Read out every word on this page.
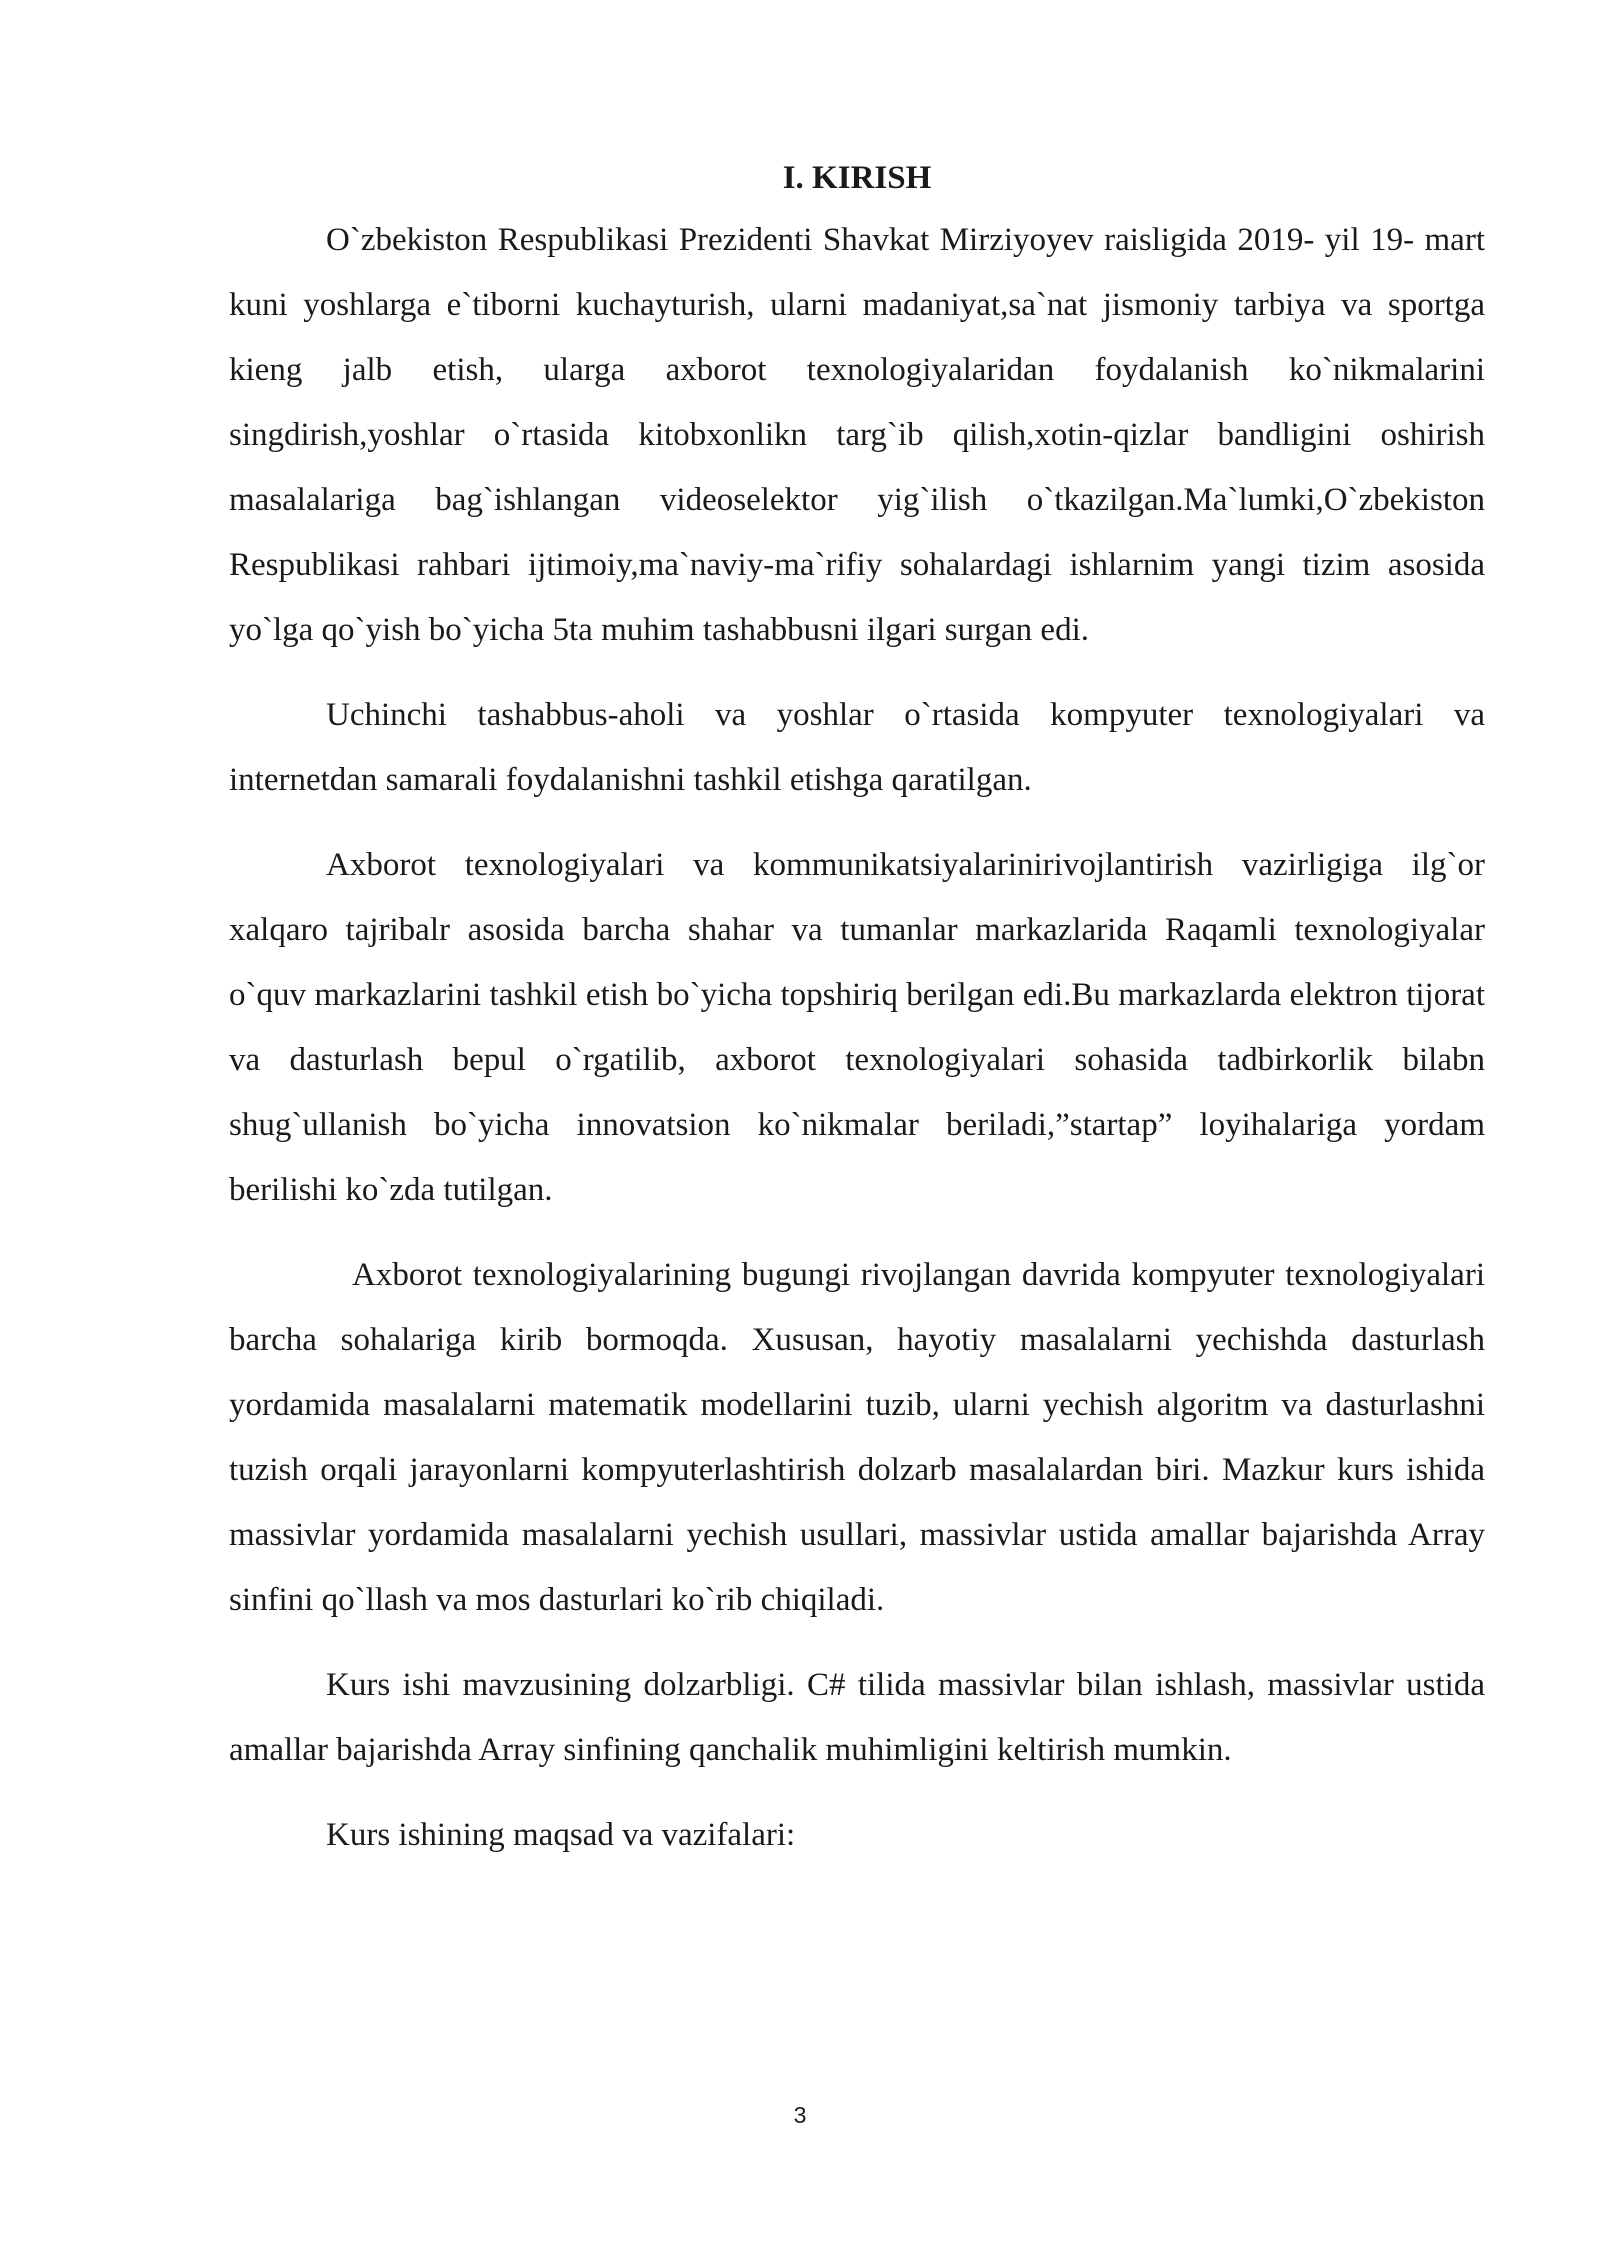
I. KIRISH

O`zbekiston Respublikasi Prezidenti Shavkat Mirziyoyev raisligida 2019- yil 19- mart kuni yoshlarga e`tiborni kuchayturish, ularni madaniyat,sa`nat jismoniy tarbiya va sportga kieng jalb etish, ularga axborot texnologiyalaridan foydalanish ko`nikmalarini singdirish,yoshlar o`rtasida kitobxonlikn targ`ib qilish,xotin-qizlar bandligini oshirish masalalariga bag`ishlangan videoselektor yig`ilish o`tkazilgan.Ma`lumki,O`zbekiston Respublikasi rahbari ijtimoiy,ma`naviy-ma`rifiy sohalardagi ishlarnim yangi tizim asosida yo`lga qo`yish bo`yicha 5ta muhim tashabbusni ilgari surgan edi.

Uchinchi tashabbus-aholi va yoshlar o`rtasida kompyuter texnologiyalari va internetdan samarali foydalanishni tashkil etishga qaratilgan.

Axborot texnologiyalari va kommunikatsiyalarinirivojlantirish vazirligiga ilg`or xalqaro tajribalr asosida barcha shahar va tumanlar markazlarida Raqamli texnologiyalar o`quv markazlarini tashkil etish bo`yicha topshiriq berilgan edi.Bu markazlarda elektron tijorat va dasturlash bepul o`rgatilib, axborot texnologiyalari sohasida tadbirkorlik bilabn shug`ullanish bo`yicha innovatsion ko`nikmalar beriladi,”startap” loyihalariga yordam berilishi ko`zda tutilgan.

Axborot texnologiyalarining bugungi rivojlangan davrida kompyuter texnologiyalari barcha sohalariga kirib bormoqda. Xususan, hayotiy masalalarni yechishda dasturlash yordamida masalalarni matematik modellarini tuzib, ularni yechish algoritm va dasturlashni tuzish orqali jarayonlarni kompyuterlashtirish dolzarb masalalardan biri. Mazkur kurs ishida massivlar yordamida masalalarni yechish usullari, massivlar ustida amallar bajarishda Array sinfini qo`llash va mos dasturlari ko`rib chiqiladi.

Kurs ishi mavzusining dolzarbligi. C# tilida massivlar bilan ishlash, massivlar ustida amallar bajarishda Array sinfining qanchalik muhimligini keltirish mumkin.

Kurs ishining maqsad va vazifalari:

3
